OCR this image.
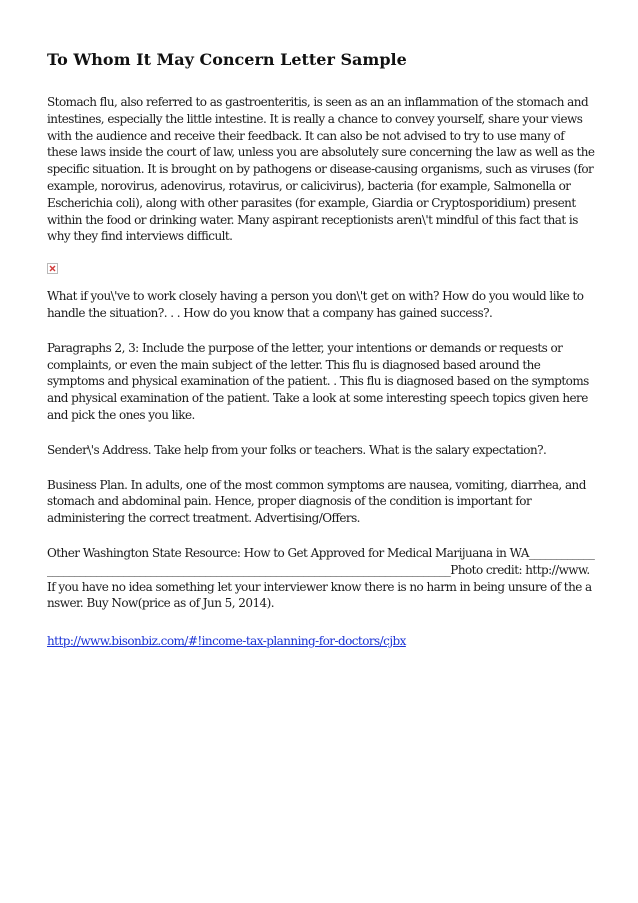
To Whom It May Concern Letter Sample

Stomach flu, also referred to as gastroenteritis, is seen as an an inflammation of the stomach and intestines, especially the little intestine. It is really a chance to convey yourself, share your views with the audience and receive their feedback. It can also be not advised to try to use many of these laws inside the court of law, unless you are absolutely sure concerning the law as well as the specific situation. It is brought on by pathogens or disease-causing organisms, such as viruses (for example, norovirus, adenovirus, rotavirus, or calicivirus), bacteria (for example, Salmonella or Escherichia coli), along with other parasites (for example, Giardia or Cryptosporidium) present within the food or drinking water. Many aspirant receptionists aren\'t mindful of this fact that is why they find interviews difficult.

What if you\'ve to work closely having a person you don\'t get on with? How do you would like to handle the situation?. . . How do you know that a company has gained success?.

Paragraphs 2, 3: Include the purpose of the letter, your intentions or demands or requests or complaints, or even the main subject of the letter. This flu is diagnosed based around the symptoms and physical examination of the patient. . This flu is diagnosed based on the symptoms and physical examination of the patient. Take a look at some interesting speech topics given here and pick the ones you like.

Sender\'s Address. Take help from your folks or teachers. What is the salary expectation?.

Business Plan. In adults, one of the most common symptoms are nausea, vomiting, diarrhea, and stomach and abdominal pain. Hence, proper diagnosis of the condition is important for administering the correct treatment. Advertising/Offers.

Other Washington State Resource: How to Get Approved for Medical Marijuana in WA______________________________________________________________________________________Photo credit: http://www. If you have no idea something let your interviewer know there is no harm in being unsure of the answer. Buy Now(price as of Jun 5, 2014).

http://www.bisonbiz.com/#!income-tax-planning-for-doctors/cjbx
